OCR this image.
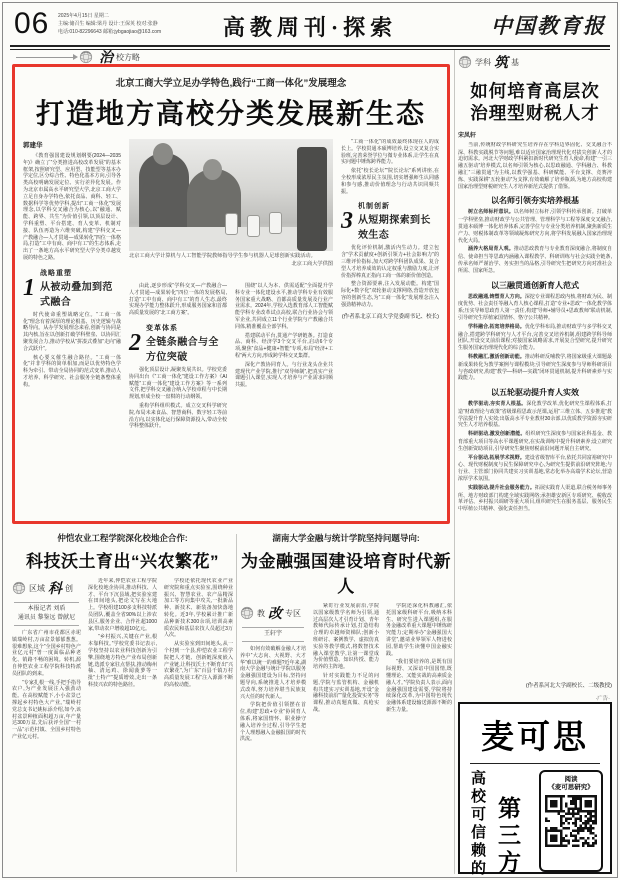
06 2025年4月15日 星期二
主编:储召生 编辑:梁丹 设计:王保英 校对:张静
电话:010-82296643 邮箱:jybgaojiao@163.com	高教周刊·探索	中国教育报
治 校方略
学科 筑 基
如何培育高层次
治理型财税人才
宋凤轩

当前,传统财政学科研究生培养存在学科边界固化、交叉融合不深、科教实践脱节等问题,难以适应国家治理现代化对拔尖创新人才的迫切需求。河北大学财政学科紧扣新时代研究生育人使命,构建“一引三融五驱动”培养模式,以名师引领为核心,以思政融通、学科融合、科教融汇“三融贯通”为主线,以教学强基、科研赋能、平台支撑、竞赛淬炼、实践深耕“五轮驱动”为支撑,有效破解了培养瓶颈,为地方高校构建国家治理型财税研究生人才培养新范式提供了借鉴。

以名师引领夯实培养根基

树立名师标杆意识。以名师树立标杆,引领学科传承创新。打破单一学科壁垒,推动财政学与公共管理、管理科学与工程等深度交叉融合,贯通本硕博一体化培养体系,完善学位与专业分类培养机制,聚焦新质生产力、财税体制改革等领域凝炼研究方向,将学科发展融入国家治理现代化大局。

涵养大格局育人观。推动思政教育与专业教育深度融合,将制度自信、使命担当等思政内涵融入课程教学、科研训练与社会实践全链条,传承名师严谨治学、务实担当的品格,引导研究生把研究方向对准社会所需、国家所急。

以三融贯通创新育人范式

思政融通,铸塑育人方向。深挖专业课程思政内核,将财政为民、制度优势、社会责任等融入育人核心课程,打造“专业+思政”一体化教学体系;压实导师思政育人第一责任,构建“导师+辅导员+思政教师”联动机制,引导研究生厚植家国情怀、恪守公共精神。

学科融合,拓宽培养格局。优化学科布局,推动财政学与多学科交叉融合,搭建跨学科研究与人才平台,完善交叉培养机制,组建跨学科导师团队,开设交叉前沿课程;对接国家战略需求,开展复合型研究,提升研究生服务国家治理现代化的综合能力。

科教融汇,激活创新动能。推动科研反哺教学,将国家级重大课题最新成果转化为教学案例与课程模块;引导研究生深度参与导师科研项目与咨政研究,构建“教学—科研—实践”闭环贯通机制,提升科研素养与实践能力。

以五轮驱动提升育人实效

教学驱动,夯实育人根基。深化教学改革,优化研究生课程体系,打造“财政理论与政策”省级课程思政示范课,运用“三维立体、五步推进”教学法提升育人实效;出版高水平专业教材30余部,以优质教学资源夯实研究生人才培养根基。

科研驱动,激发创新潜能。组织研究生深度参与国家社科基金、教育部重大项目等高水平课题研究,在实战训练中提升科研素养;设立研究生创新资助项目,引导研究生聚焦财税前沿问题开展自主研究。

平台驱动,拓展学术视野。建设省级智库平台,依托共同富裕研究中心、现代财税制度与民生保障研究中心,为研究生提供前沿研究阵地;与行业、主管部门协同共建实习实训基地,常态化举办高端学术论坛,营造浓厚学术氛围。

实践驱动,提升社会服务能力。拓展实践育人渠道,联合税务师事务所、地方财政部门构建全域实践网络;承担雄安新区专项研究、税收改革评估、乡村振兴调研等重大项目,组织研究生在服务基层、服务民生中厚植公共精神、强化责任担当。

(作者系河北大学副校长、二级教授)
·广告·
麦可思
高校可信赖的 第三方
阅读
《麦可思研究》
北京工商大学立足办学特色,践行“工商一体化”发展理念
打造地方高校分类发展新生态
郭建华

《教育强国建设规划纲要(2024—2035年)》确立了“分类推进高校改革发展”的基本框架,按照研究型、应用型、技能型等基本办学定位,区分综合性、特色化基本方向,引导各类高校明确发展定位、实行差异化发展。作为北京市属高水平研究型大学,北京工商大学立足自身办学特色,依托食品、商科、轻工、数据科学等优势学科,提出“工商一体化”发展理念,以学科交叉融合为核心,以“融通、赋能、跨界、共生”为价值引领,以顶层设计、学科重塑、平台搭建、育人变革、机制对接、队伍再造为六维突破,构建“学科交叉—产教融合—人才贯通—成果转化”四位一体格局,打造“工中有商、商中有工”的生态体系,走出了一条地方高水平研究型大学分类卓越发展的特色之路。

1
战略重塑
从被动叠加到范式融合

时代使命重塑战略定位。“工商一体化”理念有着深厚的理论根基、历史逻辑与战略导向。从办学发展理念来看,创新与协同是其内核,旨在以创新打破学科壁垒、以协同汇聚发展合力,推动学校从“拼凑式叠加”走向“融合式跃升”。

核心要义催生融合路径。“工商一体化”并非学科的简单相加,而是以优势特色学科为牵引、带动全局协同的范式变革,推动人才培养、科学研究、社会服务全链条整体重构。

由此,逐步形成“学科交叉—产教融合—人才贯通—成果转化”四位一体的发展格局,打造“工中有商、商中有工”的育人生态,最终实现办学能力整体跃升,形成服务国家和首都高质量发展的“北工商方案”。

2
变革体系
全链条融合与全方位突破

强化顶层设计,凝聚发展共识。学校党委协同出台《“工商一体化”建设工作方案》《AI赋能“工商一体化”建设工作方案》等一系列文件,把学科交叉融合纳入学校章程与中长期规划,形成全校一盘棋的行动纲领。

重构学科组织模式。成立交叉科学研究院,布局未来食品、智慧商科、数字轻工等前沿方向,以实体化运行保障资源投入,带动全校学科整体跃升。

围绕“以人为本、供需适配”全面提升学科专业一体化建设水平,推动学科专业有效服务国家重大战略、首都高质量发展及行业产业需求。2024年,学校入选教育部人工智能赋能学科专业改革试点高校,联合行业协会与领军企业,共同成立11个行业学院与产教融合共同体,精准覆盖全部学科。

搭建联动平台,贯通产学研链条。打造食品、商科、经济学3个交叉平台,启动6个专项,聚焦“食品+健康+智能”专项,布局“经济+工程”两大方向,形成跨学科交叉集群。

深化产教协同育人。与行业龙头企业共建现代产业学院,推行“双导师制”,把真实产业课题引入课堂,实现人才培养与产业需求同频共振。

“工商一体化”的成效最终体现在人的成长上。学校贯通本硕博培养,设立交叉复合实验班,完善荣誉学位与微专业体系,让学生在真实问题中锤炼跨界能力。

依托“校长论坛”“院长论坛”系列讲座,在全校形成浓厚民主氛围,切实增强师生认同感和参与感,推动价值理念与行动共识同频共振。

3
机制创新
从短期探索到长效生态

优化评价机制,激活内生动力。建立包含“学术贡献度+创新引领力+社会影响力”的三维评价指标,加大对跨学科团队成果、复合型人才培养成效的认定权重与激励力度,让评价指挥棒真正指向工商一体的新价值创造。

整合资源要素,注入发展动能。构建“国际化+数字化”双轮驱动支撑网络,营造开放包容的创新生态,为“工商一体化”发展理念注入强劲精神动力。

(作者系北京工商大学党委副书记、校长)
北京工商大学计算机与人工智能学院教师指导学生参与机器人足球创新实践活动。
北京工商大学供图
仲恺农业工程学院深化校地企合作:
科技沃土育出“兴农繁花”
区域 科 创
本报记者 刘盾
通讯员 黎鉴远 曾献尼

广东省广州市花都区赤坭镇瑞岭村,万亩盆景郁郁葱葱。很难想象,这个“全国乡村特色产业亿元村”曾一度面临品种老化、销路不畅的困境。转机,源自仲恺农业工程学院科技特派员团队的到来。

“专家扎根一线,手把手指导农户,为产业发展注入强劲动能。在高校赋能下,小小盆景已撑起乡村特色大产业。”瑞岭村党总支书记姚标添介绍,如今,该村盆景种植面积超万亩,年产量达300万盆,先后获评全国“一村一品”示范村镇、全国乡村特色产业亿元村。

近年来,仲恺农业工程学院深化校地企协同,推动科技、人才、平台下沉县域,把实验室建在田间地头,把论文写在大地上。学校组建100多支科技特派员团队,覆盖全省90%以上涉农县区,服务企业、合作社超1000家,带动农户增收超10亿元。

“乡村振兴,关键在产业,根本靠科技。”学校党委书记表示,学校坚持以农业科技创新为引擎,围绕地方特色产业布局创新链,选派专家驻点帮扶,推动梅州柚、清远鸡、徐闻菠萝等一批“土特产”提质增效,走出一条科技兴农的特色路径。

学校还依托现代农业产业研究院和重点实验室,围绕种业振兴、智慧农业、农产品精深加工等方向集中攻关,一批新品种、新技术、新装备加快落地转化。近3年,学校累计推广新品种新技术300余项,培训高素质农民和基层农技人员超过3万人次。

从实验室到田间地头,从一个村到一个县,仲恺农业工程学院把人才链、创新链深度嵌入产业链,让科技沃土不断育出“兴农繁花”,为广东“百县千镇万村高质量发展工程”注入源源不断的高校动能。

湖南大学金融与统计学院坚持问题导向:
为金融强国建设培育时代新人
教 改 专区
王轩宇

如何有效破解金融人才培养中“大志向、大视野、大才华”难以统一的难题?近年来,湖南大学金融与统计学院以服务金融强国建设为目标,坚持问题导向,系统推进人才培养模式改革,努力培养堪当民族复兴大任的时代新人。

学院把价值引领摆在首位,构建“思政+专业”协同育人体系,将家国情怀、职业操守融入培养全过程,引导学生把个人理想融入金融报国的时代洪流。

紧盯行业发展前沿,学院以国家级教学名师为引领,通过高层次人才引育计划、青年教师代际传承计划,打造结构合理的卓越师资梯队;创新小班研讨、案例教学、虚拟仿真实验等教学模式,将数智技术融入课堂教学,让第一课堂成为价值塑造、知识传授、能力培养的主阵地。

针对实践能力不足的问题,学院与监管机构、金融机构共建实习实训基地,开设“金融科技前沿”“量化投资实务”等课程,推动真题真做、真枪实战。

学院还深化科教融汇,依托国家级科研平台,吸纳本科生、研究生进入课题组,在服务金融改革重大课题中锤炼研究能力;定期举办“金融强国大讲堂”,邀请业界领军人物进校园,帮助学生读懂中国金融实践。

“我们要培养的,是既有国际视野、又深谙中国国情,既懂理论、又能实战的高素质金融人才。”学院负责人表示,面向金融强国建设需要,学院将持续深化改革,为中国特色现代金融体系建设输送源源不断的新生力量。
